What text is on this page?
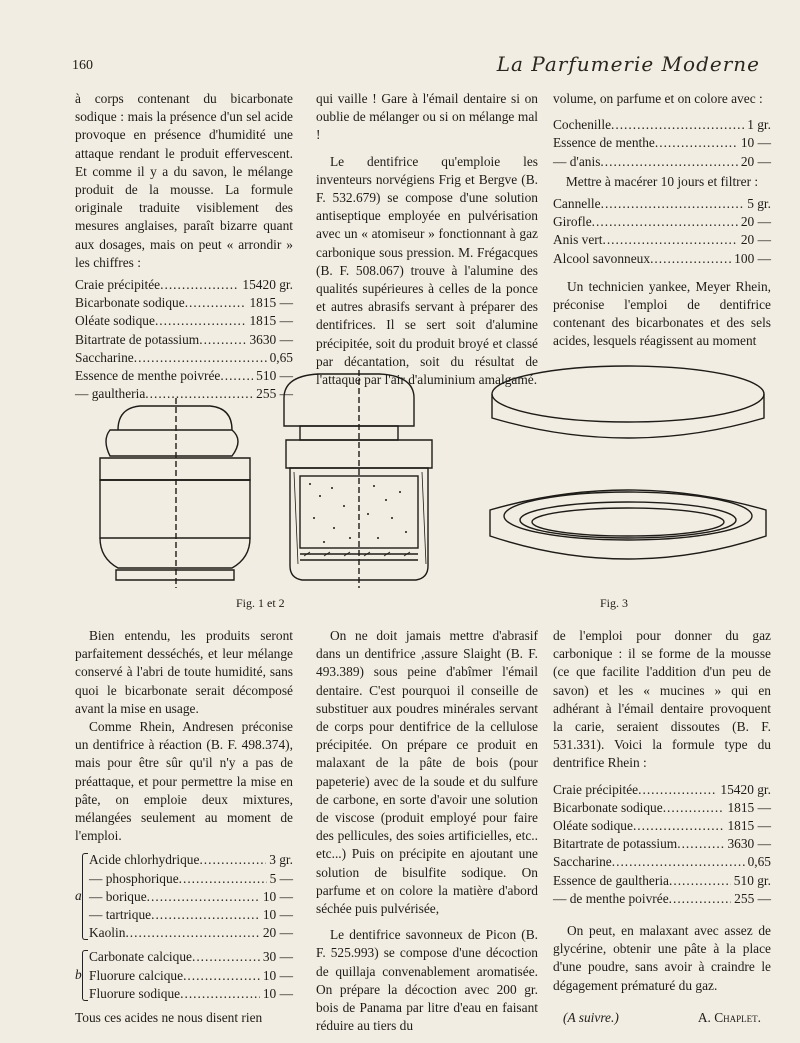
160	La Parfumerie Moderne

à corps contenant du bicarbonate sodique : mais la présence d'un sel acide provoque en présence d'humidité une attaque rendant le produit effervescent. Et comme il y a du savon, le mélange produit de la mousse. La formule originale traduite visiblement des mesures anglaises, paraît bizarre quant aux dosages, mais on peut « arrondir » les chiffres :

Craie précipitée .....	15420 gr.
Bicarbonate sodique .....	1815 —
Oléate sodique .....	1815 —
Bitartrate de potassium .....	3630 —
Saccharine .....	0,65
Essence de menthe poivrée .....	510 —
— gaultheria .....	255 —

qui vaille ! Gare à l'émail dentaire si on oublie de mélanger ou si on mélange mal !

Le dentifrice qu'emploie les inventeurs norvégiens Frig et Bergve (B. F. 532.679) se compose d'une solution antiseptique employée en pulvérisation avec un « atomiseur » fonctionnant à gaz carbonique sous pression. M. Frégacques (B. F. 508.067) trouve à l'alumine des qualités supérieures à celles de la ponce et autres abrasifs servant à préparer des dentifrices. Il se sert soit d'alumine précipitée, soit du produit broyé et classé par décantation, soit du résultat de l'attaque par l'air d'aluminium amalgamé.

volume, on parfume et on colore avec :

Cochenille .....	1 gr.
Essence de menthe .....	10 —
— d'anis .....	20 —

Mettre à macérer 10 jours et filtrer :

Cannelle .....	5 gr.
Girofle .....	20 —
Anis vert .....	20 —
Alcool savonneux .....	100 —

Un technicien yankee, Meyer Rhein, préconise l'emploi de dentifrice contenant des bicarbonates et des sels acides, lesquels réagissent au moment

Fig. 1 et 2	Fig. 3

Bien entendu, les produits seront parfaitement desséchés, et leur mélange conservé à l'abri de toute humidité, sans quoi le bicarbonate serait décomposé avant la mise en usage.

Comme Rhein, Andresen préconise un dentifrice à réaction (B. F. 498.374), mais pour être sûr qu'il n'y a pas de préattaque, et pour permettre la mise en pâte, on emploie deux mixtures, mélangées seulement au moment de l'emploi.

a
Acide chlorhydrique .....	3 gr.
— phosphorique .....	5 —
— borique .....	10 —
— tartrique .....	10 —
Kaolin .....	20 —
b
Carbonate calcique .....	30 —
Fluorure calcique .....	10 —
Fluorure sodique .....	10 —

Tous ces acides ne nous disent rien

On ne doit jamais mettre d'abrasif dans un dentifrice ,assure Slaight (B. F. 493.389) sous peine d'abîmer l'émail dentaire. C'est pourquoi il conseille de substituer aux poudres minérales servant de corps pour dentifrice de la cellulose précipitée. On prépare ce produit en malaxant de la pâte de bois (pour papeterie) avec de la soude et du sulfure de carbone, en sorte d'avoir une solution de viscose (produit employé pour faire des pellicules, des soies artificielles, etc.. etc...) Puis on précipite en ajoutant une solution de bisulfite sodique. On parfume et on colore la matière d'abord séchée puis pulvérisée,

Le dentifrice savonneux de Picon (B. F. 525.993) se compose d'une décoction de quillaja convenablement aromatisée. On prépare la décoction avec 200 gr. bois de Panama par litre d'eau en faisant réduire au tiers du

de l'emploi pour donner du gaz carbonique : il se forme de la mousse (ce que facilite l'addition d'un peu de savon) et les « mucines » qui en adhérant à l'émail dentaire provoquent la carie, seraient dissoutes (B. F. 531.331). Voici la formule type du dentrifice Rhein :

Craie précipitée .....	15420 gr.
Bicarbonate sodique .....	1815 —
Oléate sodique .....	1815 —
Bitartrate de potassium .....	3630 —
Saccharine .....	0,65
Essence de gaultheria .....	510 gr.
— de menthe poivrée .....	255 —

On peut, en malaxant avec assez de glycérine, obtenir une pâte à la place d'une poudre, sans avoir à craindre le dégagement prématuré du gaz.

(A suivre.)	A. Chaplet.
